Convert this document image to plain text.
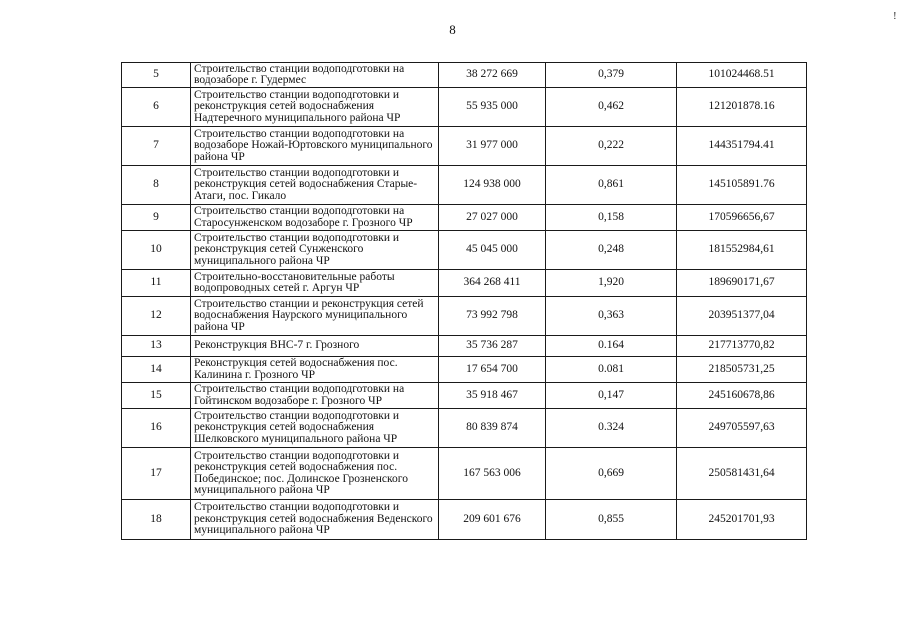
8
!
5	Строительство станции водоподготовки на водозаборе г. Гудермес	38 272 669	0,379	101024468.51
6	Строительство станции водоподготовки и реконструкция сетей водоснабжения Надтеречного муниципального района ЧР	55 935 000	0,462	121201878.16
7	Строительство станции водоподготовки на водозаборе Ножай-Юртовского муниципального района ЧР	31 977 000	0,222	144351794.41
8	Строительство станции водоподготовки и реконструкция сетей водоснабжения Старые-Атаги, пос. Гикало	124 938 000	0,861	145105891.76
9	Строительство станции водоподготовки на Старосунженском водозаборе г. Грозного ЧР	27 027 000	0,158	170596656,67
10	Строительство станции водоподготовки и реконструкция сетей Сунженского муниципального района ЧР	45 045 000	0,248	181552984,61
11	Строительно-восстановительные работы водопроводных сетей г. Аргун ЧР	364 268 411	1,920	189690171,67
12	Строительство станции и реконструкция сетей водоснабжения Наурского муниципального района ЧР	73 992 798	0,363	203951377,04
13	Реконструкция ВНС-7 г. Грозного	35 736 287	0.164	217713770,82
14	Реконструкция сетей водоснабжения пос. Калинина г. Грозного ЧР	17 654 700	0.081	218505731,25
15	Строительство станции водоподготовки на Гойтинском водозаборе г. Грозного ЧР	35 918 467	0,147	245160678,86
16	Строительство станции водоподготовки и реконструкция сетей водоснабжения Шелковского муниципального района ЧР	80 839 874	0.324	249705597,63
17	Строительство станции водоподготовки и реконструкция сетей водоснабжения пос. Побединское; пос. Долинское Грозненского муниципального района ЧР	167 563 006	0,669	250581431,64
18	Строительство станции водоподготовки и реконструкция сетей водоснабжения Веденского муниципального района ЧР	209 601 676	0,855	245201701,93
